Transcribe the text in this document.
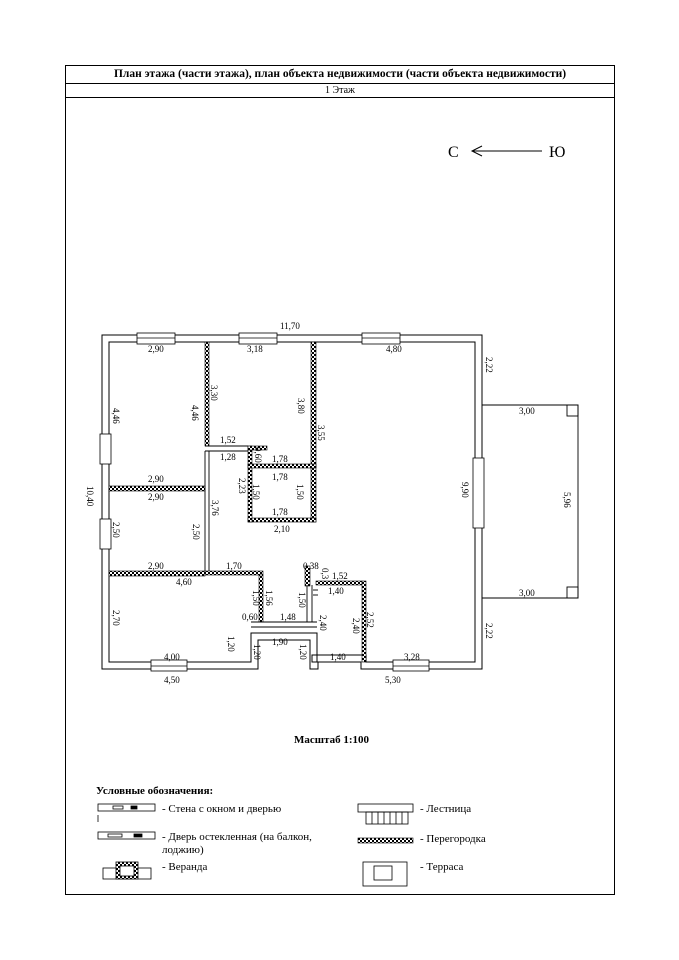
План этажа (части этажа), план объекта недвижимости (части объекта недвижимости)
1 Этаж
С	Ю
11,70
2,90	3,18	4,80
4,46	4,46
3,30
3,80
3,55
10,40
1,52
1,28 0,60 1,78
1,78
1,78
2,10
2,23 1,50	1,50
2,90
2,90
3,76
2,50	2,50
2,90	1,70
4,60
1,50 1,56
0,60 1,48
2,70
0,38
0,3 1,52
1,40
1,50
2,40	2,40 2,52
1,20
1,20	1,20
1,90
1,40
4,00	3,28
4,50	5,30
9,90
2,22
2,22
3,00
3,00
5,96
Масштаб 1:100
Условные обозначения:
- Стена с окном и дверью
- Дверь остекленная (на балкон,
лоджию)
- Веранда
- Лестница
- Перегородка
- Терраса
